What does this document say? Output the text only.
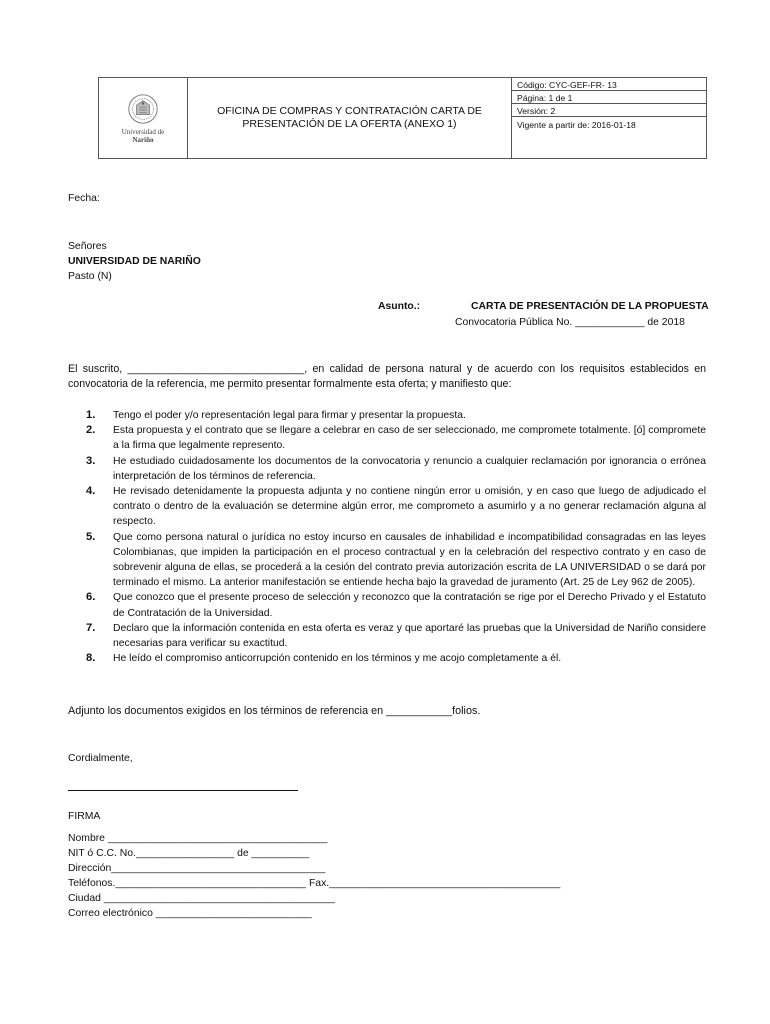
Universidad de
Nariño
OFICINA DE COMPRAS Y CONTRATACIÓN CARTA DE PRESENTACIÓN DE LA OFERTA (ANEXO 1)
Código: CYC-GEF-FR- 13
Página: 1 de 1
Versión: 2
Vigente a partir de: 2016-01-18
Fecha:
Señores
UNIVERSIDAD DE NARIÑO
Pasto (N)
Asunto.:	CARTA DE PRESENTACIÓN DE LA PROPUESTA
Convocatoria Pública No. ____________ de 2018
El suscrito, ______________________________, en calidad de persona natural y de acuerdo con los requisitos establecidos en convocatoria de la referencia, me permito presentar formalmente esta oferta; y manifiesto que:
1. Tengo el poder y/o representación legal para firmar y presentar la propuesta.
2. Esta propuesta y el contrato que se llegare a celebrar en caso de ser seleccionado, me compromete totalmente. [ó] compromete a la firma que legalmente represento.
3. He estudiado cuidadosamente los documentos de la convocatoria y renuncio a cualquier reclamación por ignorancia o errónea interpretación de los términos de referencia.
4. He revisado detenidamente la propuesta adjunta y no contiene ningún error u omisión, y en caso que luego de adjudicado el contrato o dentro de la evaluación se determine algún error, me comprometo a asumirlo y a no generar reclamación alguna al respecto.
5. Que como persona natural o jurídica no estoy incurso en causales de inhabilidad e incompatibilidad consagradas en las leyes Colombianas, que impiden la participación en el proceso contractual y en la celebración del respectivo contrato y en caso de sobrevenir alguna de ellas, se procederá a la cesión del contrato previa autorización escrita de LA UNIVERSIDAD o se dará por terminado el mismo. La anterior manifestación se entiende hecha bajo la gravedad de juramento (Art. 25 de Ley 962 de 2005).
6. Que conozco que el presente proceso de selección y reconozco que la contratación se rige por el Derecho Privado y el Estatuto de Contratación de la Universidad.
7. Declaro que la información contenida en esta oferta es veraz y que aportaré las pruebas que la Universidad de Nariño considere necesarias para verificar su exactitud.
8. He leído el compromiso anticorrupción contenido en los términos y me acojo completamente a él.
Adjunto los documentos exigidos en los términos de referencia en ___________folios.
Cordialmente,
FIRMA
Nombre ______________________________________
NIT ó C.C. No._________________ de __________
Dirección_____________________________________
Teléfonos._________________________________ Fax.________________________________________
Ciudad ________________________________________
Correo electrónico ___________________________
